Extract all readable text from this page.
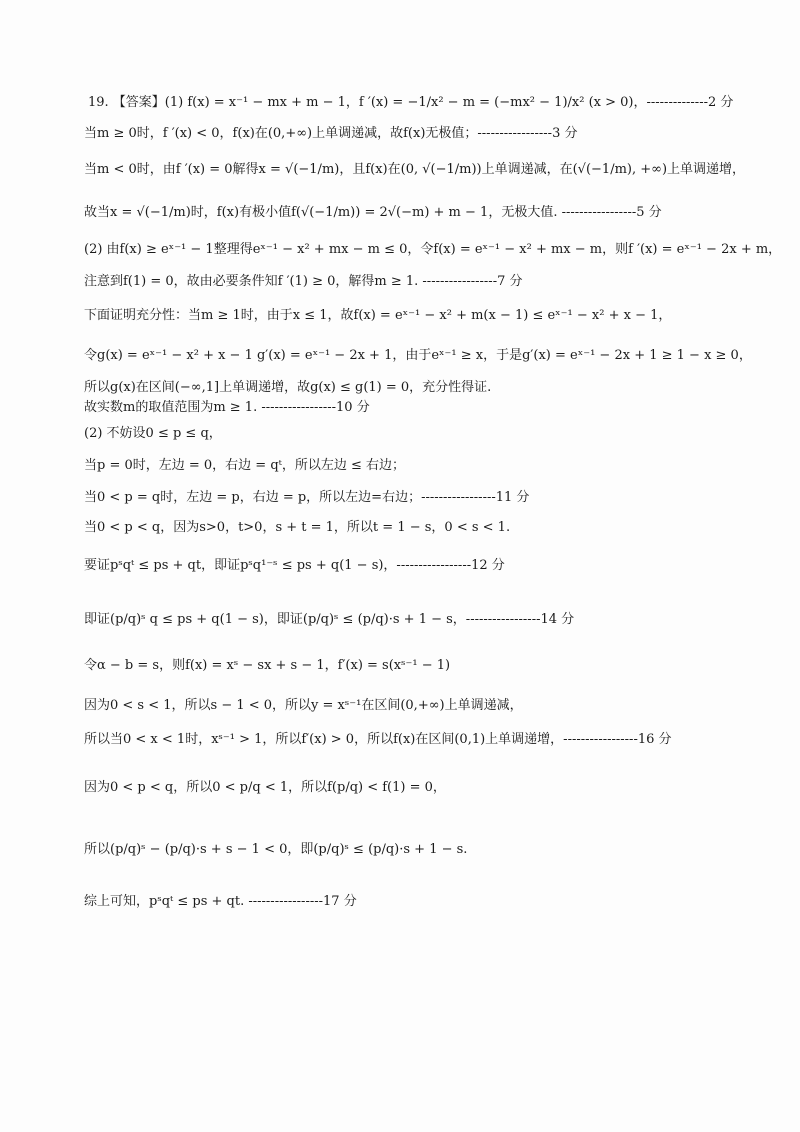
19. 【答案】(1) f(x) = x⁻¹ − mx + m − 1，f ′(x) = −1/x² − m = (−mx² − 1)/x² (x > 0)，--------------2 分
当m ≥ 0时，f ′(x) < 0，f(x)在(0,+∞)上单调递减，故f(x)无极值；-----------------3 分
当m < 0时，由f ′(x) = 0解得x = √(−1/m)，且f(x)在(0, √(−1/m))上单调递减，在(√(−1/m), +∞)上单调递增，
故当x = √(−1/m)时，f(x)有极小值f(√(−1/m)) = 2√(−m) + m − 1，无极大值. -----------------5 分
(2) 由f(x) ≥ eˣ⁻¹ − 1整理得eˣ⁻¹ − x² + mx − m ≤ 0，令f(x) = eˣ⁻¹ − x² + mx − m，则f ′(x) = eˣ⁻¹ − 2x + m，
注意到f(1) = 0，故由必要条件知f ′(1) ≥ 0，解得m ≥ 1. -----------------7 分
下面证明充分性：当m ≥ 1时，由于x ≤ 1，故f(x) = eˣ⁻¹ − x² + m(x − 1) ≤ eˣ⁻¹ − x² + x − 1，
令g(x) = eˣ⁻¹ − x² + x − 1 g′(x) = eˣ⁻¹ − 2x + 1，由于eˣ⁻¹ ≥ x，于是g′(x) = eˣ⁻¹ − 2x + 1 ≥ 1 − x ≥ 0，
所以g(x)在区间(−∞,1]上单调递增，故g(x) ≤ g(1) = 0，充分性得证.
故实数m的取值范围为m ≥ 1. -----------------10 分
(2) 不妨设0 ≤ p ≤ q，
当p = 0时，左边 = 0，右边 = qᵗ，所以左边 ≤ 右边；
当0 < p = q时，左边 = p，右边 = p，所以左边=右边；-----------------11 分
当0 < p < q，因为s>0，t>0，s + t = 1，所以t = 1 − s，0 < s < 1.
要证pˢqᵗ ≤ ps + qt，即证pˢq¹⁻ˢ ≤ ps + q(1 − s)，-----------------12 分
即证(p/q)ˢ q ≤ ps + q(1 − s)，即证(p/q)ˢ ≤ (p/q)·s + 1 − s，-----------------14 分
令α − b = s，则f(x) = xˢ − sx + s − 1，f′(x) = s(xˢ⁻¹ − 1)
因为0 < s < 1，所以s − 1 < 0，所以y = xˢ⁻¹在区间(0,+∞)上单调递减，
所以当0 < x < 1时，xˢ⁻¹ > 1，所以f′(x) > 0，所以f(x)在区间(0,1)上单调递增，-----------------16 分
因为0 < p < q，所以0 < p/q < 1，所以f(p/q) < f(1) = 0，
所以(p/q)ˢ − (p/q)·s + s − 1 < 0，即(p/q)ˢ ≤ (p/q)·s + 1 − s.
综上可知，pˢqᵗ ≤ ps + qt. -----------------17 分
